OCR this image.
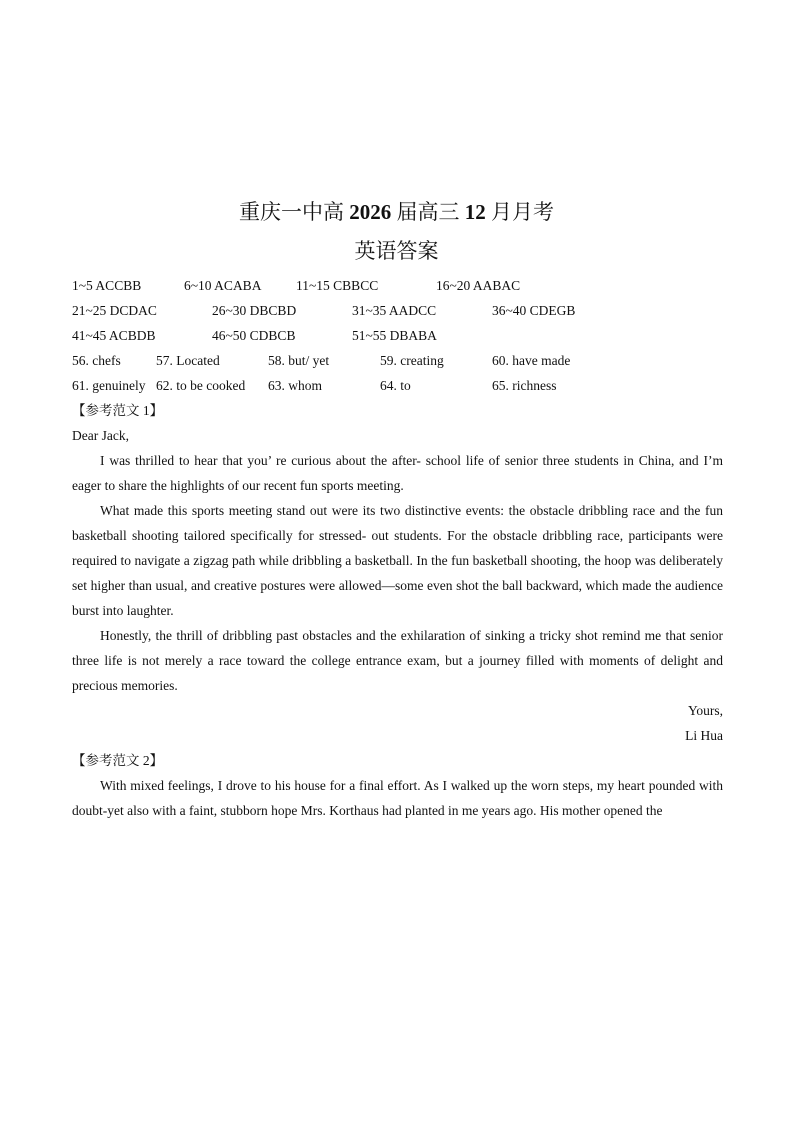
重庆一中高 2026 届高三 12 月月考
英语答案
1~5 ACCBB	6~10 ACABA	11~15 CBBCC	16~20 AABAC
21~25 DCDAC	26~30 DBCBD	31~35 AADCC	36~40 CDEGB
41~45 ACBDB	46~50 CDBCB	51~55 DBABA
56. chefs	57. Located	58. but/ yet	59. creating	60. have made
61. genuinely 62. to be cooked 63. whom	64. to	65. richness
【参考范文 1】
Dear Jack,

I was thrilled to hear that you’ re curious about the after- school life of senior three students in China, and I’m eager to share the highlights of our recent fun sports meeting.

What made this sports meeting stand out were its two distinctive events: the obstacle dribbling race and the fun basketball shooting tailored specifically for stressed- out students. For the obstacle dribbling race, participants were required to navigate a zigzag path while dribbling a basketball. In the fun basketball shooting, the hoop was deliberately set higher than usual, and creative postures were allowed—some even shot the ball backward, which made the audience burst into laughter.

Honestly, the thrill of dribbling past obstacles and the exhilaration of sinking a tricky shot remind me that senior three life is not merely a race toward the college entrance exam, but a journey filled with moments of delight and precious memories.

Yours,
Li Hua
【参考范文 2】

With mixed feelings, I drove to his house for a final effort. As I walked up the worn steps, my heart pounded with doubt-yet also with a faint, stubborn hope Mrs. Korthaus had planted in me years ago. His mother opened the
